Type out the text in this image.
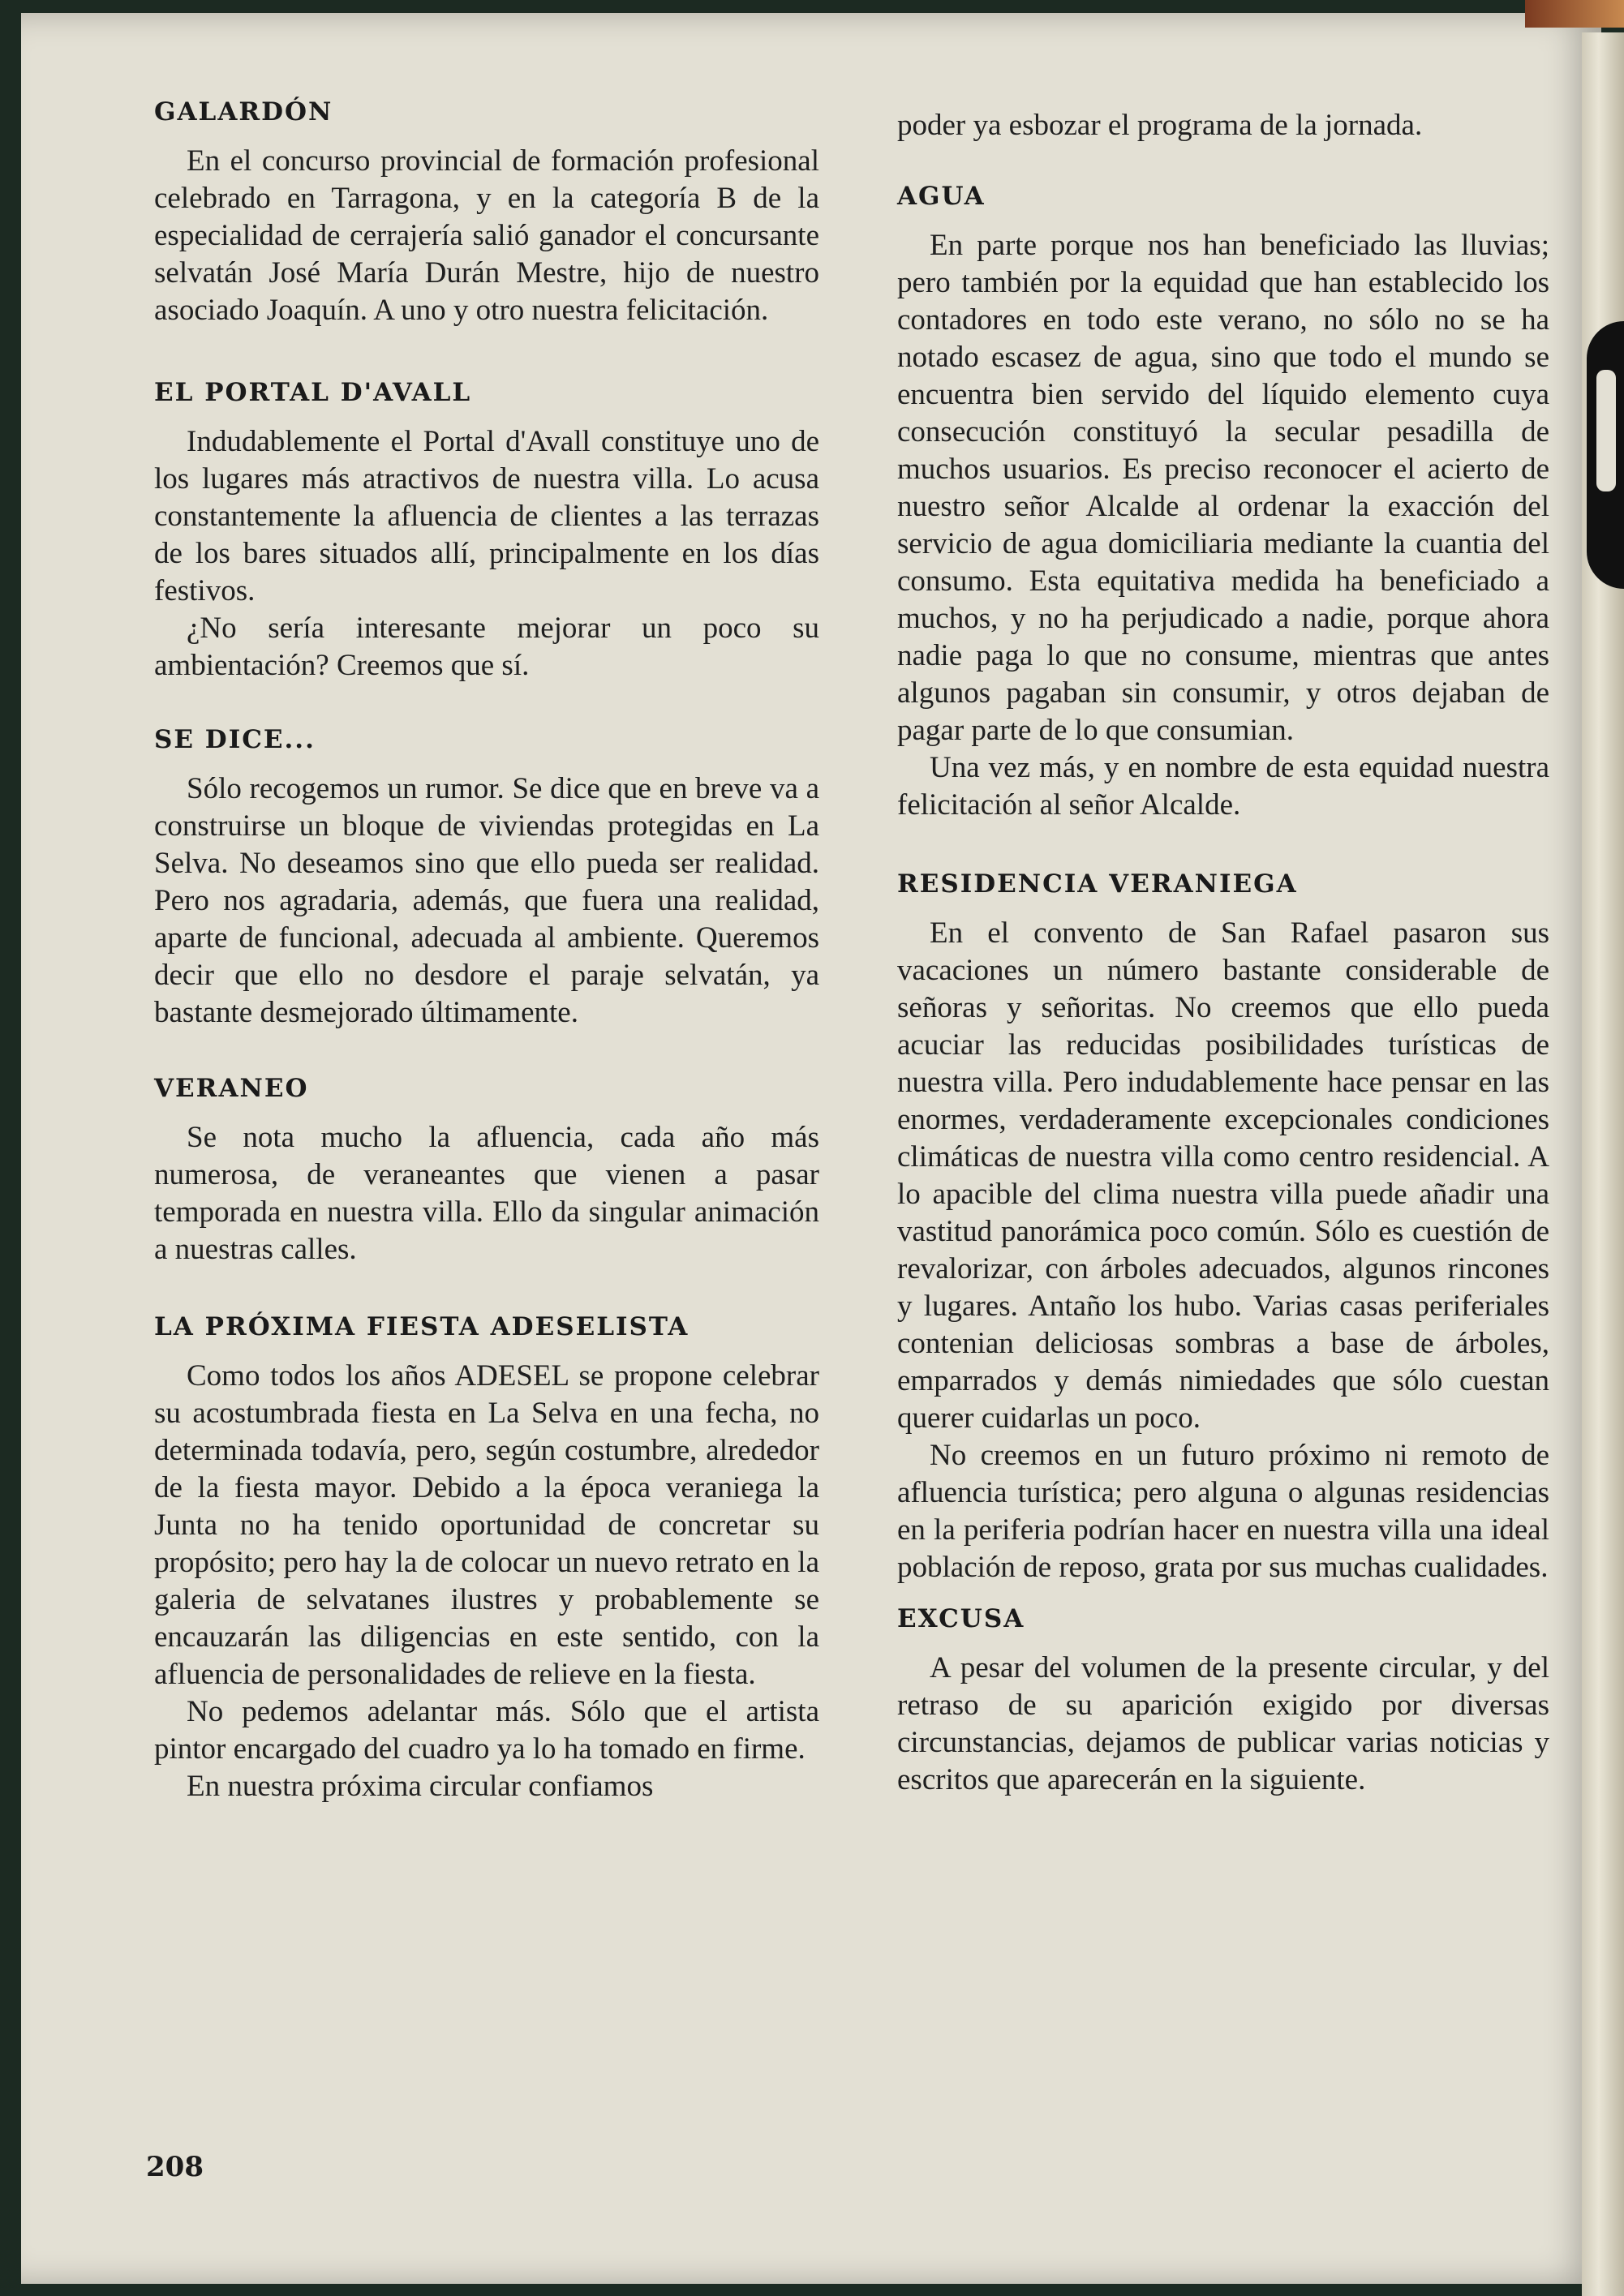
GALARDÓN

En el concurso provincial de formación profesional celebrado en Tarragona, y en la categoría B de la especialidad de cerrajería salió ganador el concursante selvatán José María Durán Mestre, hijo de nuestro asociado Joaquín. A uno y otro nuestra felicitación.

EL PORTAL D'AVALL

Indudablemente el Portal d'Avall constituye uno de los lugares más atractivos de nuestra villa. Lo acusa constantemente la afluencia de clientes a las terrazas de los bares situados allí, principalmente en los días festivos.

¿No sería interesante mejorar un poco su ambientación? Creemos que sí.

SE DICE...

Sólo recogemos un rumor. Se dice que en breve va a construirse un bloque de viviendas protegidas en La Selva. No deseamos sino que ello pueda ser realidad. Pero nos agradaria, además, que fuera una realidad, aparte de funcional, adecuada al ambiente. Queremos decir que ello no desdore el paraje selvatán, ya bastante desmejorado últimamente.

VERANEO

Se nota mucho la afluencia, cada año más numerosa, de veraneantes que vienen a pasar temporada en nuestra villa. Ello da singular animación a nuestras calles.

LA PRÓXIMA FIESTA ADESELISTA

Como todos los años ADESEL se propone celebrar su acostumbrada fiesta en La Selva en una fecha, no determinada todavía, pero, según costumbre, alrededor de la fiesta mayor. Debido a la época veraniega la Junta no ha tenido oportunidad de concretar su propósito; pero hay la de colocar un nuevo retrato en la galeria de selvatanes ilustres y probablemente se encauzarán las diligencias en este sentido, con la afluencia de personalidades de relieve en la fiesta.

No pedemos adelantar más. Sólo que el artista pintor encargado del cuadro ya lo ha tomado en firme.

En nuestra próxima circular confiamos

poder ya esbozar el programa de la jornada.

AGUA

En parte porque nos han beneficiado las lluvias; pero también por la equidad que han establecido los contadores en todo este verano, no sólo no se ha notado escasez de agua, sino que todo el mundo se encuentra bien servido del líquido elemento cuya consecución constituyó la secular pesadilla de muchos usuarios. Es preciso reconocer el acierto de nuestro señor Alcalde al ordenar la exacción del servicio de agua domiciliaria mediante la cuantia del consumo. Esta equitativa medida ha beneficiado a muchos, y no ha perjudicado a nadie, porque ahora nadie paga lo que no consume, mientras que antes algunos pagaban sin consumir, y otros dejaban de pagar parte de lo que consumian.

Una vez más, y en nombre de esta equidad nuestra felicitación al señor Alcalde.

RESIDENCIA VERANIEGA

En el convento de San Rafael pasaron sus vacaciones un número bastante considerable de señoras y señoritas. No creemos que ello pueda acuciar las reducidas posibilidades turísticas de nuestra villa. Pero indudablemente hace pensar en las enormes, verdaderamente excepcionales condiciones climáticas de nuestra villa como centro residencial. A lo apacible del clima nuestra villa puede añadir una vastitud panorámica poco común. Sólo es cuestión de revalorizar, con árboles adecuados, algunos rincones y lugares. Antaño los hubo. Varias casas periferiales contenian deliciosas sombras a base de árboles, emparrados y demás nimiedades que sólo cuestan querer cuidarlas un poco.

No creemos en un futuro próximo ni remoto de afluencia turística; pero alguna o algunas residencias en la periferia podrían hacer en nuestra villa una ideal población de reposo, grata por sus muchas cualidades.

EXCUSA

A pesar del volumen de la presente circular, y del retraso de su aparición exigido por diversas circunstancias, dejamos de publicar varias noticias y escritos que aparecerán en la siguiente.

208
